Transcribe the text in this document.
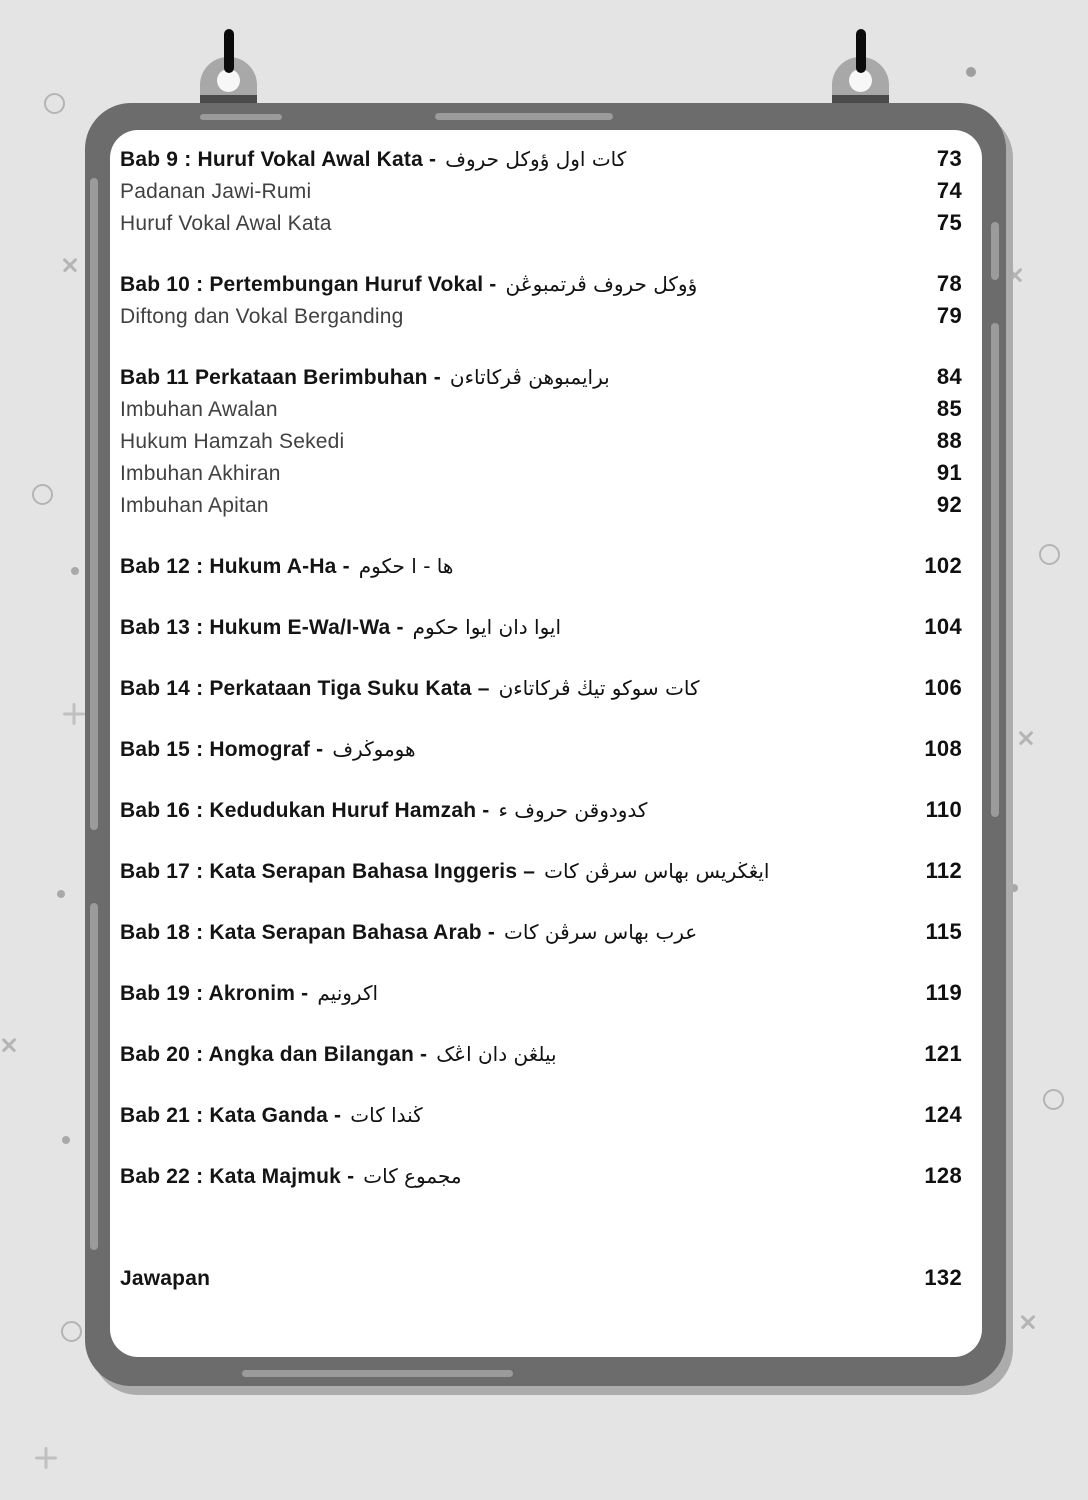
Bab 9 : Huruf Vokal Awal Kata - حروف ؤوكل اول كات	73
Padanan Jawi-Rumi	74
Huruf Vokal Awal Kata	75
Bab 10 : Pertembungan Huruf Vokal - ڤرتمبوڠن حروف ؤوكل	78
Diftong dan Vokal Berganding	79
Bab 11 Perkataan Berimbuhan - ڤركاتاءن برايمبوهن	84
Imbuhan Awalan	85
Hukum Hamzah Sekedi	88
Imbuhan Akhiran	91
Imbuhan Apitan	92
Bab 12 : Hukum A-Ha - حكوم ا - ها	102
Bab 13 : Hukum E-Wa/I-Wa - حكوم ايوا دان ايوا	104
Bab 14 : Perkataan Tiga Suku Kata – ڤركاتاءن تيڬ سوكو كات	106
Bab 15 : Homograf - هوموڬرف	108
Bab 16 : Kedudukan Huruf Hamzah - ء حروف كدودوقن	110
Bab 17 : Kata Serapan Bahasa Inggeris – كات سرڤن بهاس ايڠڬريس	112
Bab 18 : Kata Serapan Bahasa Arab - كات سرڤن بهاس عرب	115
Bab 19 : Akronim - اكرونيم	119
Bab 20 : Angka dan Bilangan - اڠک دان بيلڠن	121
Bab 21 : Kata Ganda - كات ڬندا	124
Bab 22 : Kata Majmuk - كات مجموع	128
Jawapan	132
